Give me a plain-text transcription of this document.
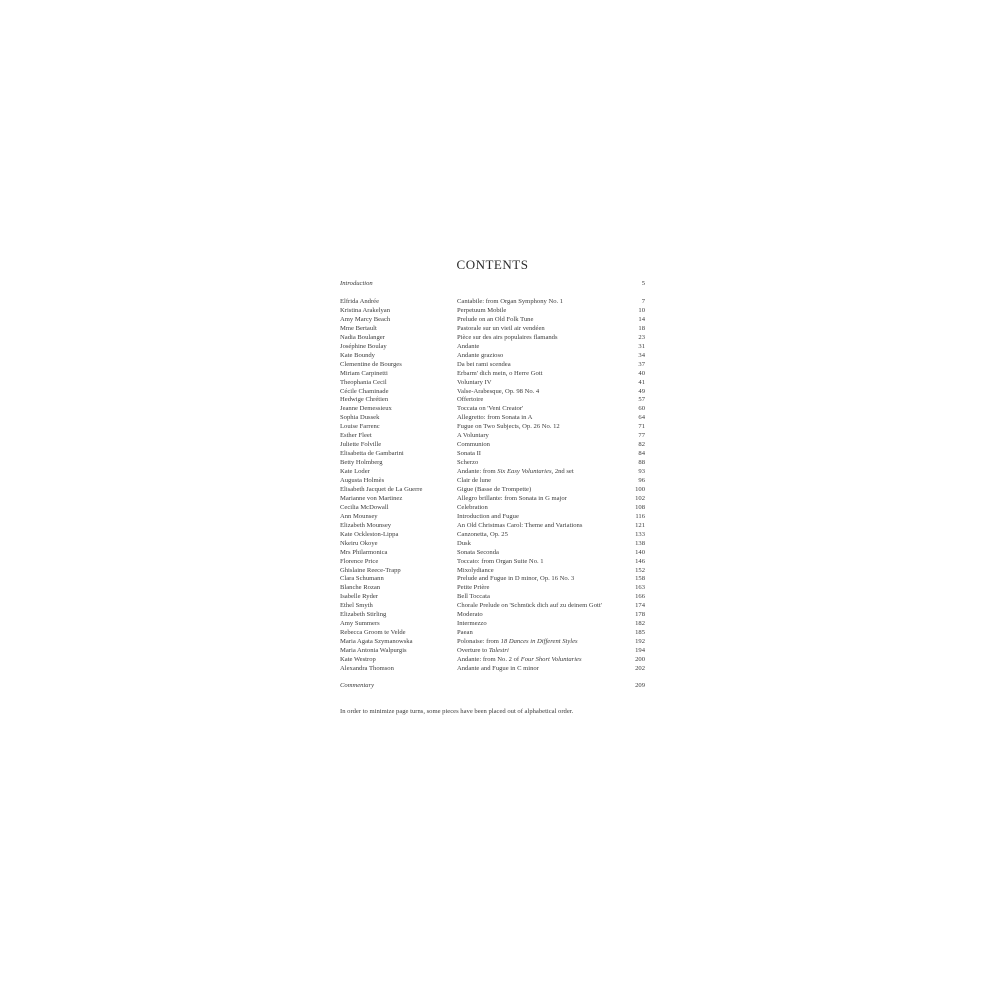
CONTENTS
Introduction	5
Elfrida Andrée	Cantabile: from Organ Symphony No. 1	7
Kristina Arakelyan	Perpetuum Mobile	10
Amy Marcy Beach	Prelude on an Old Folk Tune	14
Mme Bertault	Pastorale sur un vieil air vendéen	18
Nadia Boulanger	Pièce sur des airs populaires flamands	23
Joséphine Boulay	Andante	31
Kate Boundy	Andante grazioso	34
Clementine de Bourges	Da bei rami scendea	37
Miriam Carpinetti	Erbarm' dich mein, o Herre Gott	40
Theophania Cecil	Voluntary IV	41
Cécile Chaminade	Valse-Arabesque, Op. 98 No. 4	49
Hedwige Chrétien	Offertoire	57
Jeanne Demessieux	Toccata on 'Veni Creator'	60
Sophia Dussek	Allegretto: from Sonata in A	64
Louise Farrenc	Fugue on Two Subjects, Op. 26 No. 12	71
Esther Fleet	A Voluntary	77
Juliette Folville	Communion	82
Elisabetta de Gambarini	Sonata II	84
Betty Holmberg	Scherzo	88
Kate Loder	Andante: from Six Easy Voluntaries, 2nd set	93
Augusta Holmès	Clair de lune	96
Elisabeth Jacquet de La Guerre	Gigue (Basse de Trompette)	100
Marianne von Martinez	Allegro brillante: from Sonata in G major	102
Cecilia McDowall	Celebration	108
Ann Mounsey	Introduction and Fugue	116
Elizabeth Mounsey	An Old Christmas Carol: Theme and Variations	121
Kate Ockleston-Lippa	Canzonetta, Op. 25	133
Nkeiru Okoye	Dusk	138
Mrs Philarmonica	Sonata Seconda	140
Florence Price	Toccato: from Organ Suite No. 1	146
Ghislaine Reece-Trapp	Mixolydiance	152
Clara Schumann	Prelude and Fugue in D minor, Op. 16 No. 3	158
Blanche Rozan	Petite Prière	163
Isabelle Ryder	Bell Toccata	166
Ethel Smyth	Chorale Prelude on 'Schmück dich auf zu deinem Gott'	174
Elizabeth Stirling	Moderato	178
Amy Summers	Intermezzo	182
Rebecca Groom te Velde	Paean	185
Maria Agata Szymanowska	Polonaise: from 18 Dances in Different Styles	192
Maria Antonia Walpurgis	Overture to Talestri	194
Kate Westrop	Andante: from No. 2 of Four Short Voluntaries	200
Alexandra Thomson	Andante and Fugue in C minor	202
Commentary	209
In order to minimize page turns, some pieces have been placed out of alphabetical order.
